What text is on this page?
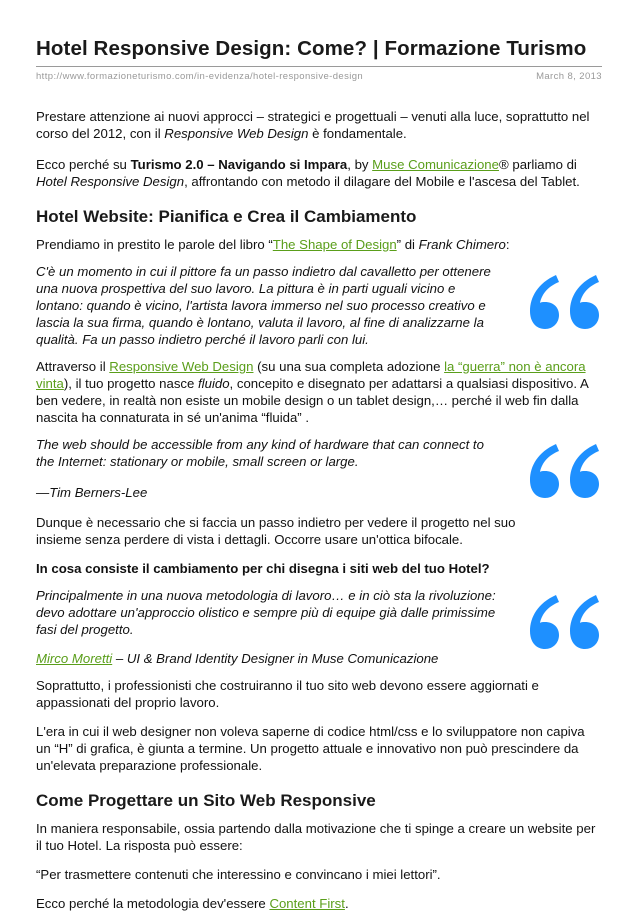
Hotel Responsive Design: Come? | Formazione Turismo
http://www.formazioneturismo.com/in-evidenza/hotel-responsive-design	March 8, 2013

Prestare attenzione ai nuovi approcci – strategici e progettuali – venuti alla luce, soprattutto nel corso del 2012, con il Responsive Web Design è fondamentale.

Ecco perché su Turismo 2.0 – Navigando si Impara, by Muse Comunicazione® parliamo di Hotel Responsive Design, affrontando con metodo il dilagare del Mobile e l'ascesa del Tablet.

Hotel Website: Pianifica e Crea il Cambiamento

Prendiamo in prestito le parole del libro “The Shape of Design” di Frank Chimero:

C'è un momento in cui il pittore fa un passo indietro dal cavalletto per ottenere una nuova prospettiva del suo lavoro. La pittura è in parti uguali vicino e lontano: quando è vicino, l'artista lavora immerso nel suo processo creativo e lascia la sua firma, quando è lontano, valuta il lavoro, al fine di analizzarne la qualità. Fa un passo indietro perché il lavoro parli con lui.

Attraverso il Responsive Web Design (su una sua completa adozione la “guerra” non è ancora vinta), il tuo progetto nasce fluido, concepito e disegnato per adattarsi a qualsiasi dispositivo. A ben vedere, in realtà non esiste un mobile design o un tablet design,… perché il web fin dalla nascita ha connaturata in sé un'anima “fluida” .

The web should be accessible from any kind of hardware that can connect to the Internet: stationary or mobile, small screen or large.

—Tim Berners-Lee

Dunque è necessario che si faccia un passo indietro per vedere il progetto nel suo insieme senza perdere di vista i dettagli. Occorre usare un'ottica bifocale.

In cosa consiste il cambiamento per chi disegna i siti web del tuo Hotel?

Principalmente in una nuova metodologia di lavoro… e in ciò sta la rivoluzione: devo adottare un'approccio olistico e sempre più di equipe già dalle primissime fasi del progetto.

Mirco Moretti – UI & Brand Identity Designer in Muse Comunicazione

Soprattutto, i professionisti che costruiranno il tuo sito web devono essere aggiornati e appassionati del proprio lavoro.

L'era in cui il web designer non voleva saperne di codice html/css e lo sviluppatore non capiva un “H” di grafica, è giunta a termine. Un progetto attuale e innovativo non può prescindere da un'elevata preparazione professionale.

Come Progettare un Sito Web Responsive

In maniera responsabile, ossia partendo dalla motivazione che ti spinge a creare un website per il tuo Hotel. La risposta può essere:

“Per trasmettere contenuti che interessino e convincano i miei lettori”.

Ecco perché la metodologia dev'essere Content First.
